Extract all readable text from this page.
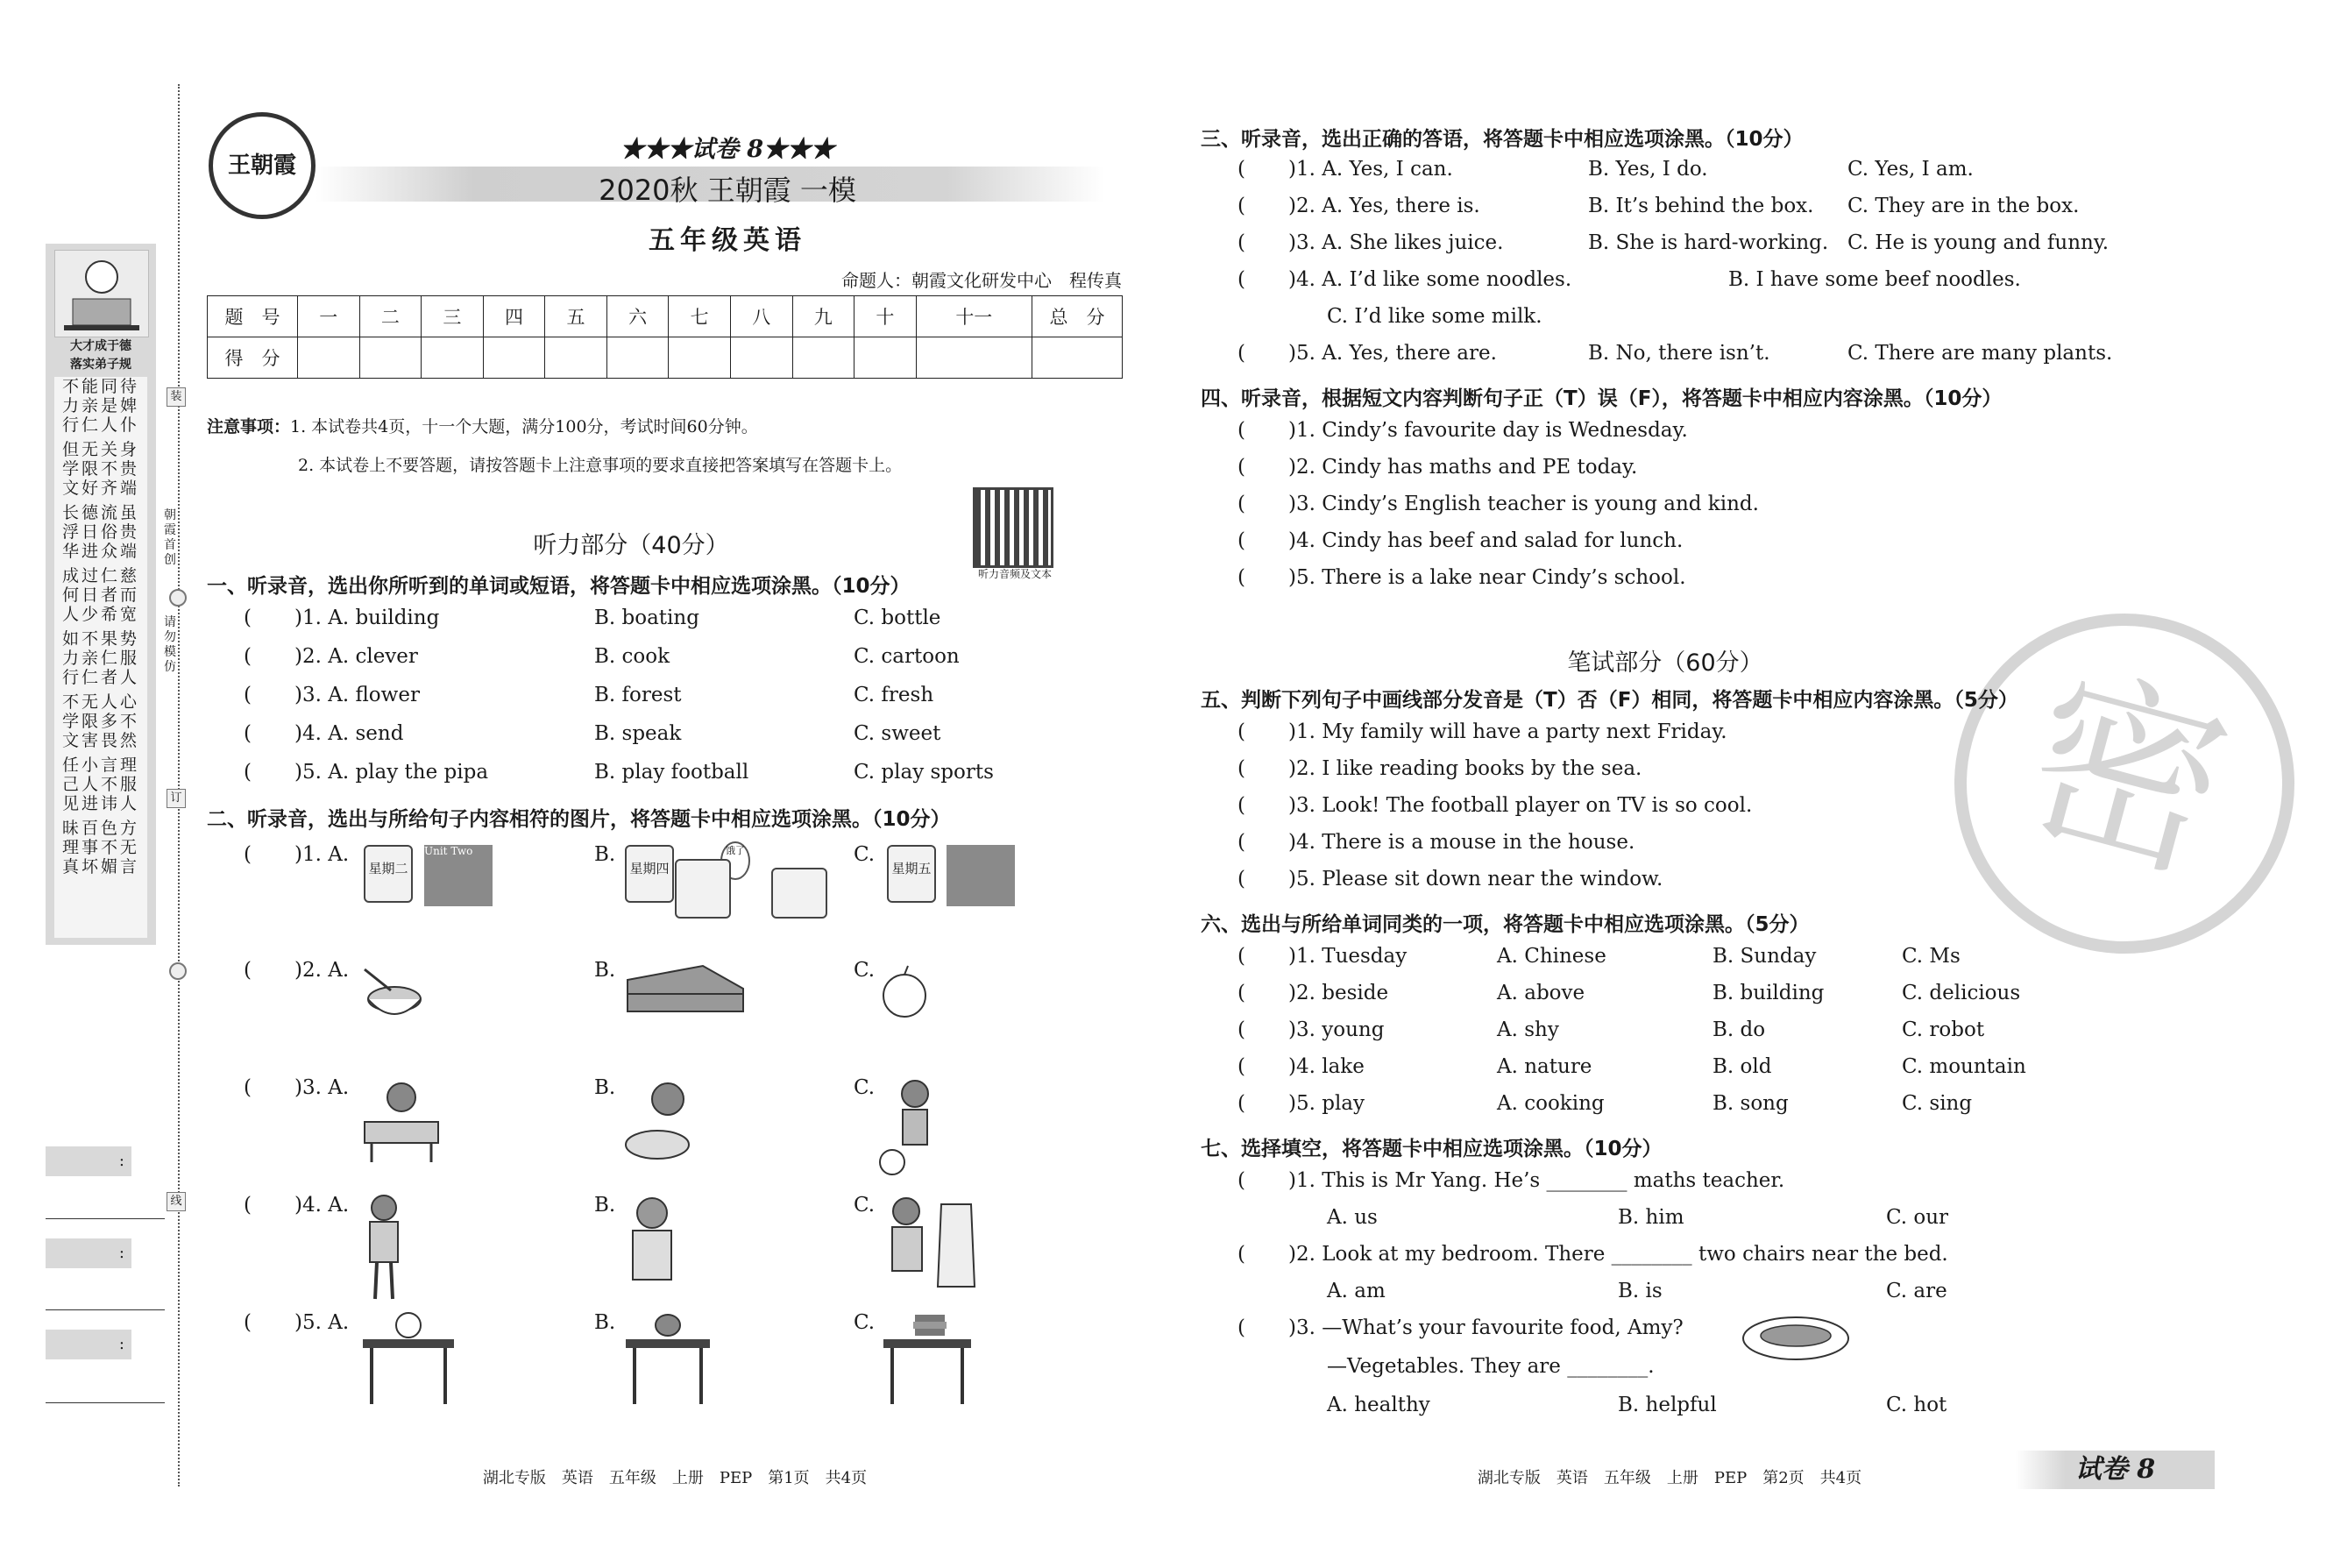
大才成于德
落实弟子规
不能同待
力亲是婢
行仁人仆
但无关身
学限不贵
文好齐端
长德流虽
浮日俗贵
华进众端
成过仁慈
何日者而
人少希宽
如不果势
力亲仁服
行仁者人
不无人心
学限多不
文害畏然
任小言理
己人不服
见进讳人
昧百色方
理事不无
真坏媚言
装
朝
霞
首
创
请
勿
模
仿
订
线
:
:
:
王朝霞
★★★试卷 8★★★
2020秋 王朝霞 一模
五年级英语
命题人：朝霞文化研发中心　程传真
题　号	一	二	三	四	五	六	七	八	九	十	十一	总　分
得　分												
注意事项：1. 本试卷共4页，十一个大题，满分100分，考试时间60分钟。
2. 本试卷上不要答题，请按答题卡上注意事项的要求直接把答案填写在答题卡上。
听力音频及文本
听力部分（40分）
一、听录音，选出你所听到的单词或短语，将答题卡中相应选项涂黑。（10分）
( )1. A. building	B. boating	C. bottle
( )2. A. clever	B. cook	C. cartoon
( )3. A. flower	B. forest	C. fresh
( )4. A. send	B. speak	C. sweet
( )5. A. play the pipa	B. play football	C. play sports
二、听录音，选出与所给句子内容相符的图片，将答题卡中相应选项涂黑。（10分）
( )1. A.
星期二
Unit Two	B.
星期四
饿了	C.
星期五
( )2. A.	B.	C.
( )3. A.	B.	C.
( )4. A.	B.	C.
( )5. A.	B.	C.
三、听录音，选出正确的答语，将答题卡中相应选项涂黑。（10分）
( )1. A. Yes, I can.	B. Yes, I do.	C. Yes, I am.
( )2. A. Yes, there is.	B. It’s behind the box. C. They are in the box.
( )3. A. She likes juice.	B. She is hard-working. C. He is young and funny.
( )4. A. I’d like some noodles.	B. I have some beef noodles.
C. I’d like some milk.
( )5. A. Yes, there are.	B. No, there isn’t.	C. There are many plants.
四、听录音，根据短文内容判断句子正（T）误（F），将答题卡中相应内容涂黑。（10分）
( )1. Cindy’s favourite day is Wednesday.
( )2. Cindy has maths and PE today.
( )3. Cindy’s English teacher is young and kind.
( )4. Cindy has beef and salad for lunch.
( )5. There is a lake near Cindy’s school.
密
笔试部分（60分）
五、判断下列句子中画线部分发音是（T）否（F）相同，将答题卡中相应内容涂黑。（5分）
( )1. My family will have a party next Friday.
( )2. I like reading books by the sea.
( )3. Look! The football player on TV is so cool.
( )4. There is a mouse in the house.
( )5. Please sit down near the window.
六、选出与所给单词同类的一项，将答题卡中相应选项涂黑。（5分）
( )1. Tuesday	A. Chinese	B. Sunday	C. Ms
( )2. beside	A. above	B. building	C. delicious
( )3. young	A. shy	B. do	C. robot
( )4. lake	A. nature	B. old	C. mountain
( )5. play	A. cooking	B. song	C. sing
七、选择填空，将答题卡中相应选项涂黑。（10分）
( )1. This is Mr Yang. He’s ________ maths teacher.
A. us	B. him	C. our
( )2. Look at my bedroom. There ________ two chairs near the bed.
A. am	B. is	C. are
( )3. —What’s your favourite food, Amy?
—Vegetables. They are ________.
A. healthy	B. helpful	C. hot
湖北专版　英语　五年级　上册　PEP　第1页　共4页	湖北专版　英语　五年级　上册　PEP　第2页　共4页	试卷 8
